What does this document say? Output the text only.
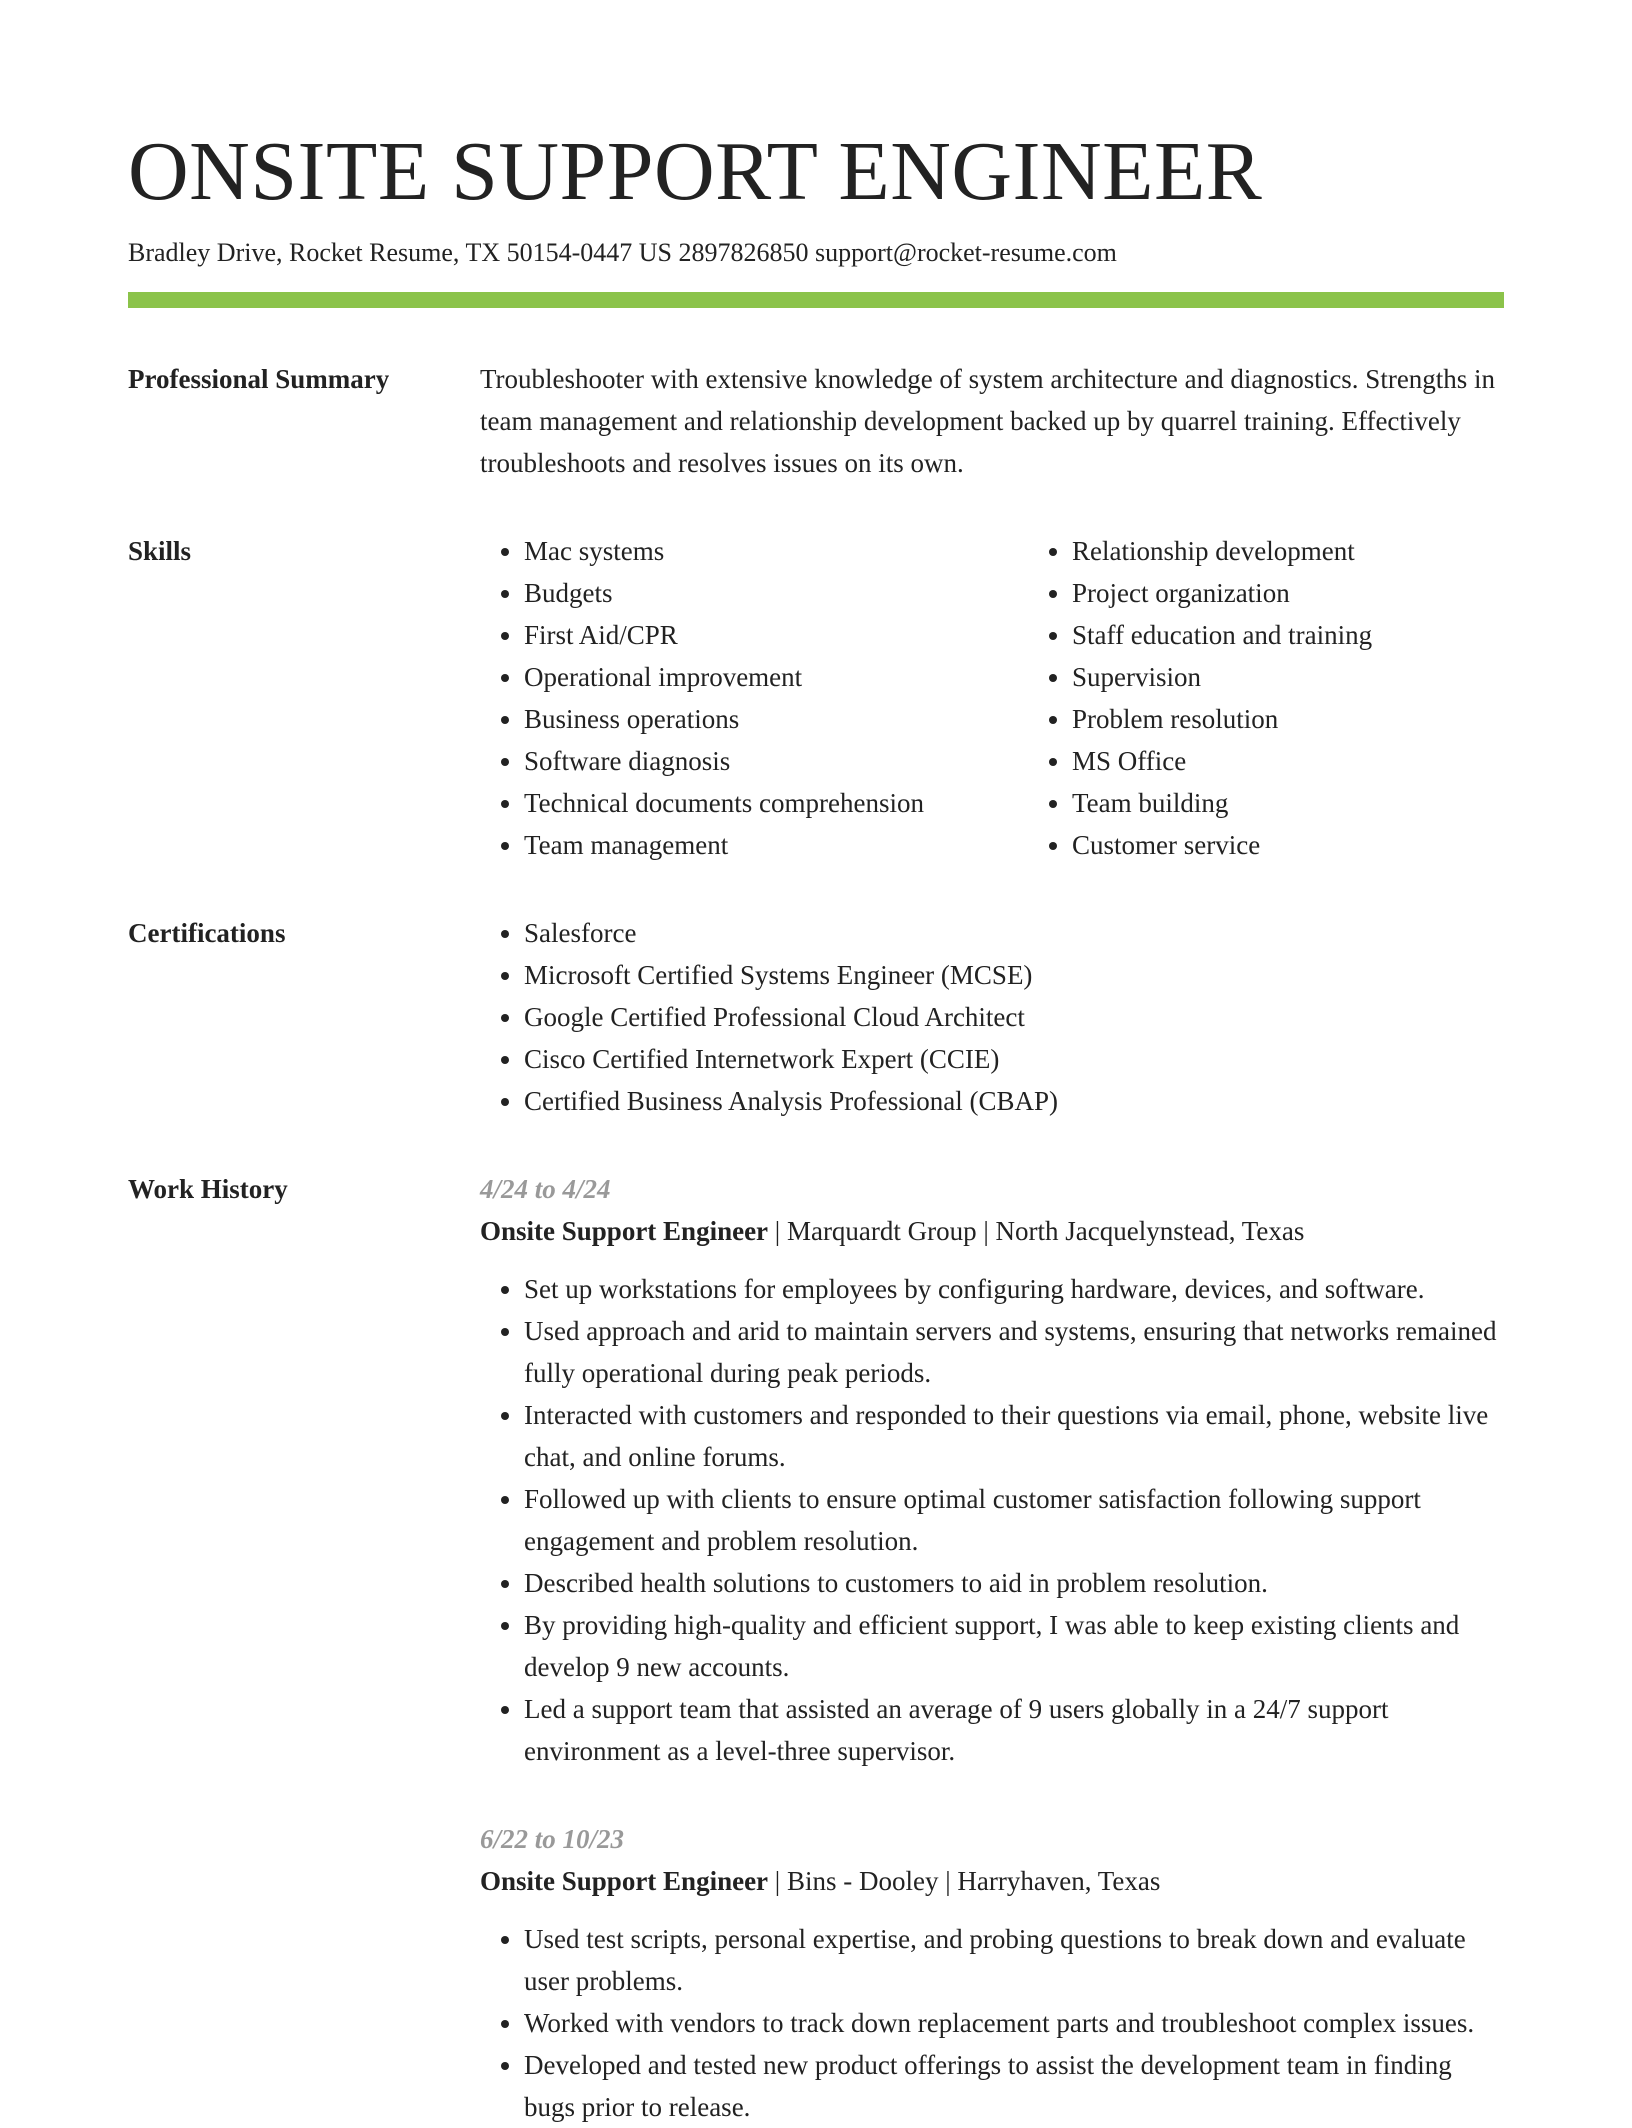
ONSITE SUPPORT ENGINEER
Bradley Drive, Rocket Resume, TX 50154-0447 US 2897826850 support@rocket-resume.com
Professional Summary	Troubleshooter with extensive knowledge of system architecture and diagnostics. Strengths in team management and relationship development backed up by quarrel training. Effectively troubleshoots and resolves issues on its own.

Skills	• Mac systems
• Budgets
• First Aid/CPR
• Operational improvement
• Business operations
• Software diagnosis
• Technical documents comprehension
• Team management
• Relationship development
• Project organization
• Staff education and training
• Supervision
• Problem resolution
• MS Office
• Team building
• Customer service
Certifications	• Salesforce
• Microsoft Certified Systems Engineer (MCSE)
• Google Certified Professional Cloud Architect
• Cisco Certified Internetwork Expert (CCIE)
• Certified Business Analysis Professional (CBAP)
Work History	4/24 to 4/24
Onsite Support Engineer | Marquardt Group | North Jacquelynstead, Texas
• Set up workstations for employees by configuring hardware, devices, and software.
• Used approach and arid to maintain servers and systems, ensuring that networks remained fully operational during peak periods.
• Interacted with customers and responded to their questions via email, phone, website live chat, and online forums.
• Followed up with clients to ensure optimal customer satisfaction following support engagement and problem resolution.
• Described health solutions to customers to aid in problem resolution.
• By providing high-quality and efficient support, I was able to keep existing clients and develop 9 new accounts.
• Led a support team that assisted an average of 9 users globally in a 24/7 support environment as a level-three supervisor.
6/22 to 10/23
Onsite Support Engineer | Bins - Dooley | Harryhaven, Texas
• Used test scripts, personal expertise, and probing questions to break down and evaluate user problems.
• Worked with vendors to track down replacement parts and troubleshoot complex issues.
• Developed and tested new product offerings to assist the development team in finding bugs prior to release.
